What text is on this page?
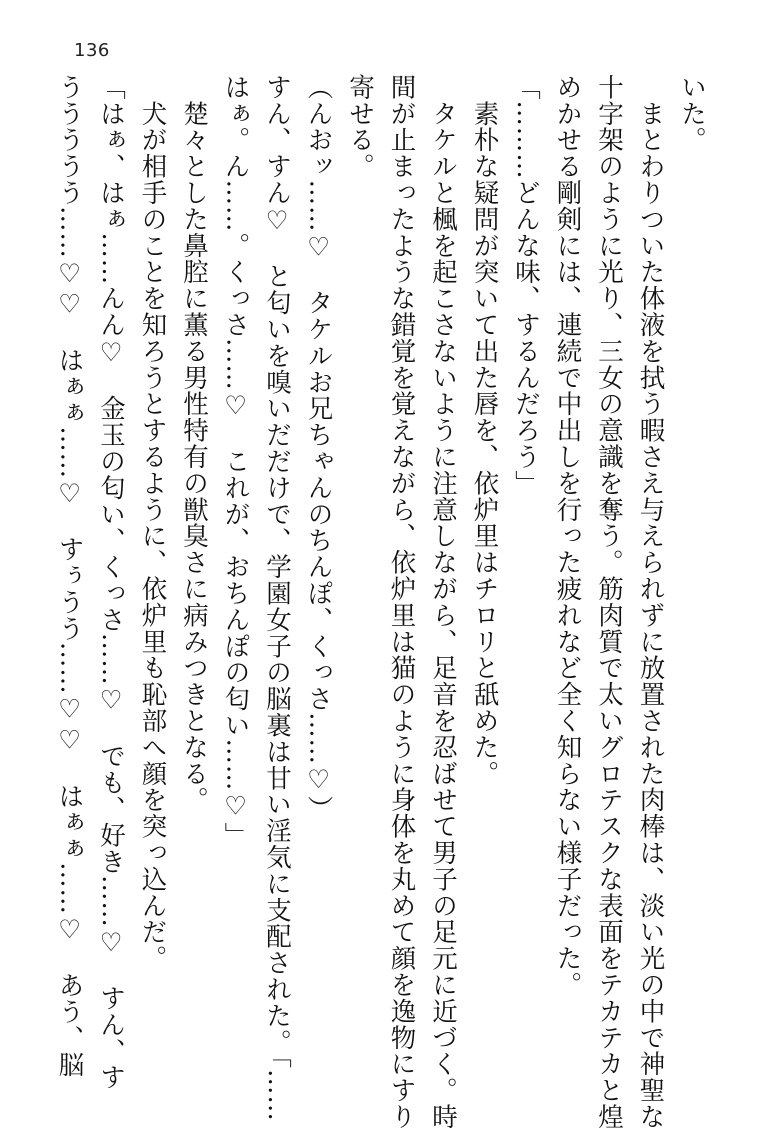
136

いた。

　まとわりついた体液を拭う暇さえ与えられずに放置された肉棒は、淡い光の中で神聖な

十字架のように光り、三女の意識を奪う。筋肉質で太いグロテスクな表面をテカテカと煌

めかせる剛剣には、連続で中出しを行った疲れなど全く知らない様子だった。

「………どんな味、するんだろう」

　素朴な疑問が突いて出た唇を、依炉里はチロリと舐めた。

　タケルと楓を起こさないように注意しながら、足音を忍ばせて男子の足元に近づく。時

間が止まったような錯覚を覚えながら、依炉里は猫のように身体を丸めて顔を逸物にすり

寄せる。

（んおッ……♡　タケルお兄ちゃんのちんぽ、くっさ……♡）

すん、すん♡　と匂いを嗅いだだけで、学園女子の脳裏は甘い淫気に支配された。「……

はぁ。ん……。くっさ……♡　これが、おちんぽの匂い……♡」

　楚々とした鼻腔に薫る男性特有の獣臭さに病みつきとなる。

　犬が相手のことを知ろうとするように、依炉里も恥部へ顔を突っ込んだ。

「はぁ、はぁ……んん♡　金玉の匂い、くっさ……♡　でも、好き……♡　すん、す

ううううう……♡♡　はぁぁ……♡　すぅうう……♡♡　はぁぁ……♡　あう、脳
